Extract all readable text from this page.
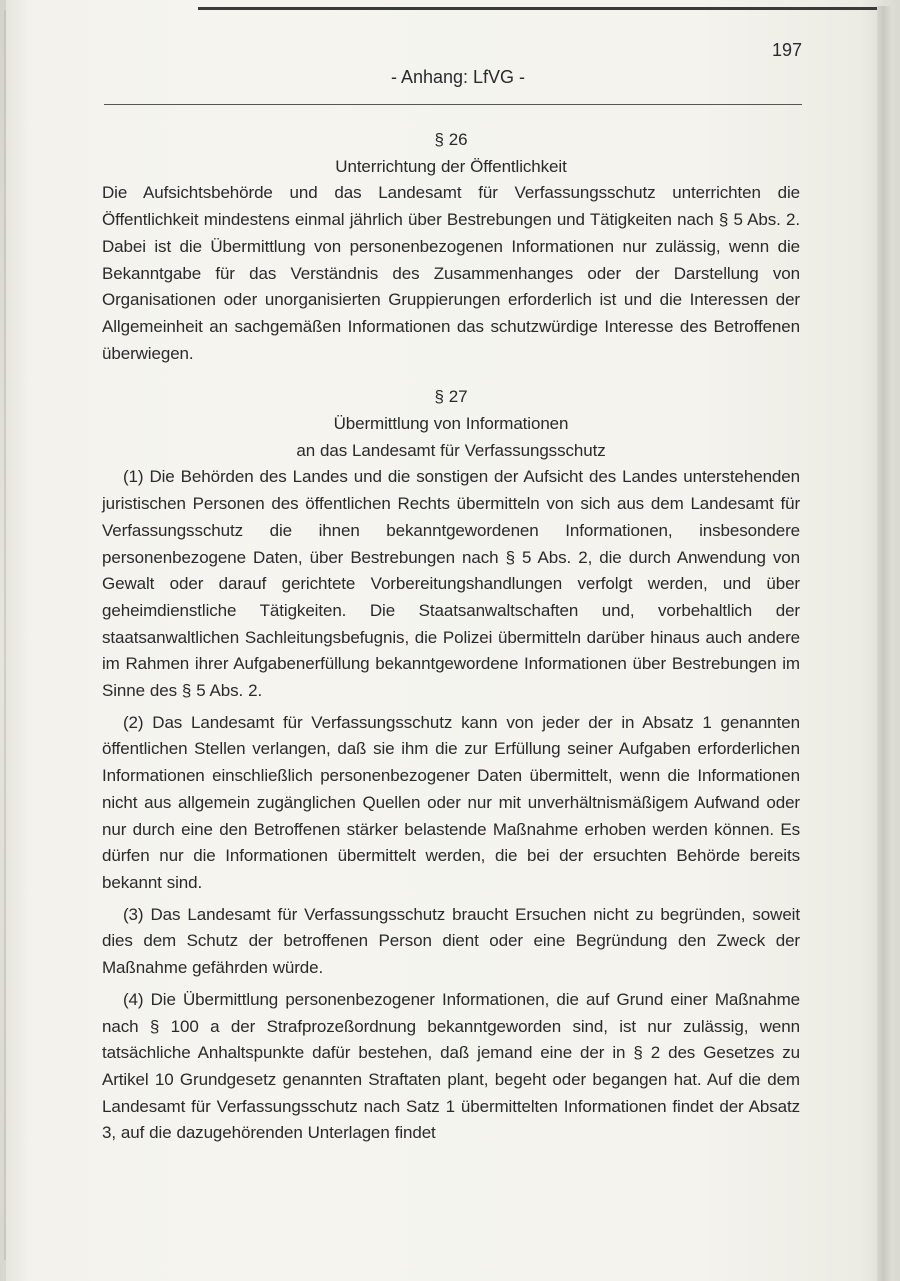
197
- Anhang: LfVG -
§ 26
Unterrichtung der Öffentlichkeit

Die Aufsichtsbehörde und das Landesamt für Verfassungsschutz unterrichten die Öffentlichkeit mindestens einmal jährlich über Bestrebungen und Tätigkeiten nach § 5 Abs. 2. Dabei ist die Übermittlung von personenbezogenen Informationen nur zulässig, wenn die Bekanntgabe für das Verständnis des Zusammenhanges oder der Darstellung von Organisationen oder unorganisierten Gruppierungen erforderlich ist und die Interessen der Allgemeinheit an sachgemäßen Informationen das schutzwürdige Interesse des Betroffenen überwiegen.

§ 27
Übermittlung von Informationen
an das Landesamt für Verfassungsschutz

(1) Die Behörden des Landes und die sonstigen der Aufsicht des Landes unterstehenden juristischen Personen des öffentlichen Rechts übermitteln von sich aus dem Landesamt für Verfassungsschutz die ihnen bekanntgewordenen Informationen, insbesondere personenbezogene Daten, über Bestrebungen nach § 5 Abs. 2, die durch Anwendung von Gewalt oder darauf gerichtete Vorbereitungshandlungen verfolgt werden, und über geheimdienstliche Tätigkeiten. Die Staatsanwaltschaften und, vorbehaltlich der staatsanwaltlichen Sachleitungsbefugnis, die Polizei übermitteln darüber hinaus auch andere im Rahmen ihrer Aufgabenerfüllung bekanntgewordene Informationen über Bestrebungen im Sinne des § 5 Abs. 2.

(2) Das Landesamt für Verfassungsschutz kann von jeder der in Absatz 1 genannten öffentlichen Stellen verlangen, daß sie ihm die zur Erfüllung seiner Aufgaben erforderlichen Informationen einschließlich personenbezogener Daten übermittelt, wenn die Informationen nicht aus allgemein zugänglichen Quellen oder nur mit unverhältnismäßigem Aufwand oder nur durch eine den Betroffenen stärker belastende Maßnahme erhoben werden können. Es dürfen nur die Informationen übermittelt werden, die bei der ersuchten Behörde bereits bekannt sind.

(3) Das Landesamt für Verfassungsschutz braucht Ersuchen nicht zu begründen, soweit dies dem Schutz der betroffenen Person dient oder eine Begründung den Zweck der Maßnahme gefährden würde.

(4) Die Übermittlung personenbezogener Informationen, die auf Grund einer Maßnahme nach § 100 a der Strafprozeßordnung bekanntgeworden sind, ist nur zulässig, wenn tatsächliche Anhaltspunkte dafür bestehen, daß jemand eine der in § 2 des Gesetzes zu Artikel 10 Grundgesetz genannten Straftaten plant, begeht oder begangen hat. Auf die dem Landesamt für Verfassungsschutz nach Satz 1 übermittelten Informationen findet der Absatz 3, auf die dazugehörenden Unterlagen findet
